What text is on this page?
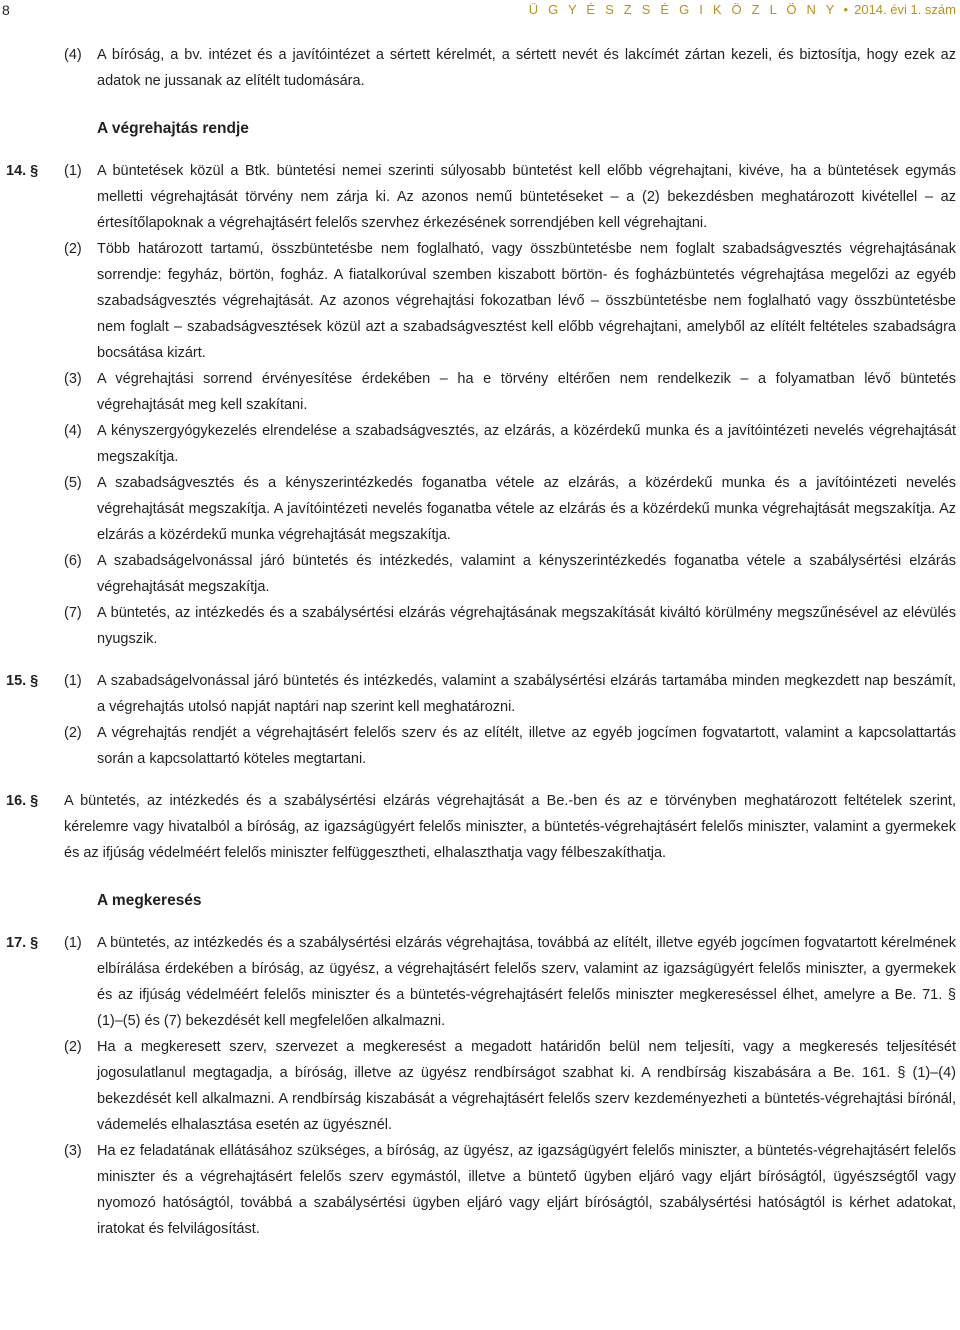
8	Ü G Y É S Z S É G I K Ö Z L Ö N Y • 2014. évi 1. szám
(4)	A bíróság, a bv. intézet és a javítóintézet a sértett kérelmét, a sértett nevét és lakcímét zártan kezeli, és biztosítja, hogy ezek az adatok ne jussanak az elítélt tudomására.
A végrehajtás rendje
14. §	(1)	A büntetések közül a Btk. büntetési nemei szerinti súlyosabb büntetést kell előbb végrehajtani, kivéve, ha a büntetések egymás melletti végrehajtását törvény nem zárja ki. Az azonos nemű büntetéseket – a (2) bekezdésben meghatározott kivétellel – az értesítőlapoknak a végrehajtásért felelős szervhez érkezésének sorrendjében kell végrehajtani.
(2)	Több határozott tartamú, összbüntetésbe nem foglalható, vagy összbüntetésbe nem foglalt szabadságvesztés végrehajtásának sorrendje: fegyház, börtön, fogház. A fiatalkorúval szemben kiszabott börtön- és fogházbüntetés végrehajtása megelőzi az egyéb szabadságvesztés végrehajtását. Az azonos végrehajtási fokozatban lévő – összbüntetésbe nem foglalható vagy összbüntetésbe nem foglalt – szabadságvesztések közül azt a szabadságvesztést kell előbb végrehajtani, amelyből az elítélt feltételes szabadságra bocsátása kizárt.
(3)	A végrehajtási sorrend érvényesítése érdekében – ha e törvény eltérően nem rendelkezik – a folyamatban lévő büntetés végrehajtását meg kell szakítani.
(4)	A kényszergyógykezelés elrendelése a szabadságvesztés, az elzárás, a közérdekű munka és a javítóintézeti nevelés végrehajtását megszakítja.
(5)	A szabadságvesztés és a kényszerintézkedés foganatba vétele az elzárás, a közérdekű munka és a javítóintézeti nevelés végrehajtását megszakítja. A javítóintézeti nevelés foganatba vétele az elzárás és a közérdekű munka végrehajtását megszakítja. Az elzárás a közérdekű munka végrehajtását megszakítja.
(6)	A szabadságelvonással járó büntetés és intézkedés, valamint a kényszerintézkedés foganatba vétele a szabálysértési elzárás végrehajtását megszakítja.
(7)	A büntetés, az intézkedés és a szabálysértési elzárás végrehajtásának megszakítását kiváltó körülmény megszűnésével az elévülés nyugszik.
15. §	(1)	A szabadságelvonással járó büntetés és intézkedés, valamint a szabálysértési elzárás tartamába minden megkezdett nap beszámít, a végrehajtás utolsó napját naptári nap szerint kell meghatározni.
(2)	A végrehajtás rendjét a végrehajtásért felelős szerv és az elítélt, illetve az egyéb jogcímen fogvatartott, valamint a kapcsolattartás során a kapcsolattartó köteles megtartani.
16. §	A büntetés, az intézkedés és a szabálysértési elzárás végrehajtását a Be.-ben és az e törvényben meghatározott feltételek szerint, kérelemre vagy hivatalból a bíróság, az igazságügyért felelős miniszter, a büntetés-végrehajtásért felelős miniszter, valamint a gyermekek és az ifjúság védelméért felelős miniszter felfüggesztheti, elhalaszthatja vagy félbeszakíthatja.
A megkeresés
17. §	(1)	A büntetés, az intézkedés és a szabálysértési elzárás végrehajtása, továbbá az elítélt, illetve egyéb jogcímen fogvatartott kérelmének elbírálása érdekében a bíróság, az ügyész, a végrehajtásért felelős szerv, valamint az igazságügyért felelős miniszter, a gyermekek és az ifjúság védelméért felelős miniszter és a büntetés-végrehajtásért felelős miniszter megkereséssel élhet, amelyre a Be. 71. § (1)–(5) és (7) bekezdését kell megfelelően alkalmazni.
(2)	Ha a megkeresett szerv, szervezet a megkeresést a megadott határidőn belül nem teljesíti, vagy a megkeresés teljesítését jogosulatlanul megtagadja, a bíróság, illetve az ügyész rendbírságot szabhat ki. A rendbírság kiszabására a Be. 161. § (1)–(4) bekezdését kell alkalmazni. A rendbírság kiszabását a végrehajtásért felelős szerv kezdeményezheti a büntetés-végrehajtási bírónál, vádemelés elhalasztása esetén az ügyésznél.
(3)	Ha ez feladatának ellátásához szükséges, a bíróság, az ügyész, az igazságügyért felelős miniszter, a büntetés-végrehajtásért felelős miniszter és a végrehajtásért felelős szerv egymástól, illetve a büntető ügyben eljáró vagy eljárt bíróságtól, ügyészségtől vagy nyomozó hatóságtól, továbbá a szabálysértési ügyben eljáró vagy eljárt bíróságtól, szabálysértési hatóságtól is kérhet adatokat, iratokat és felvilágosítást.
